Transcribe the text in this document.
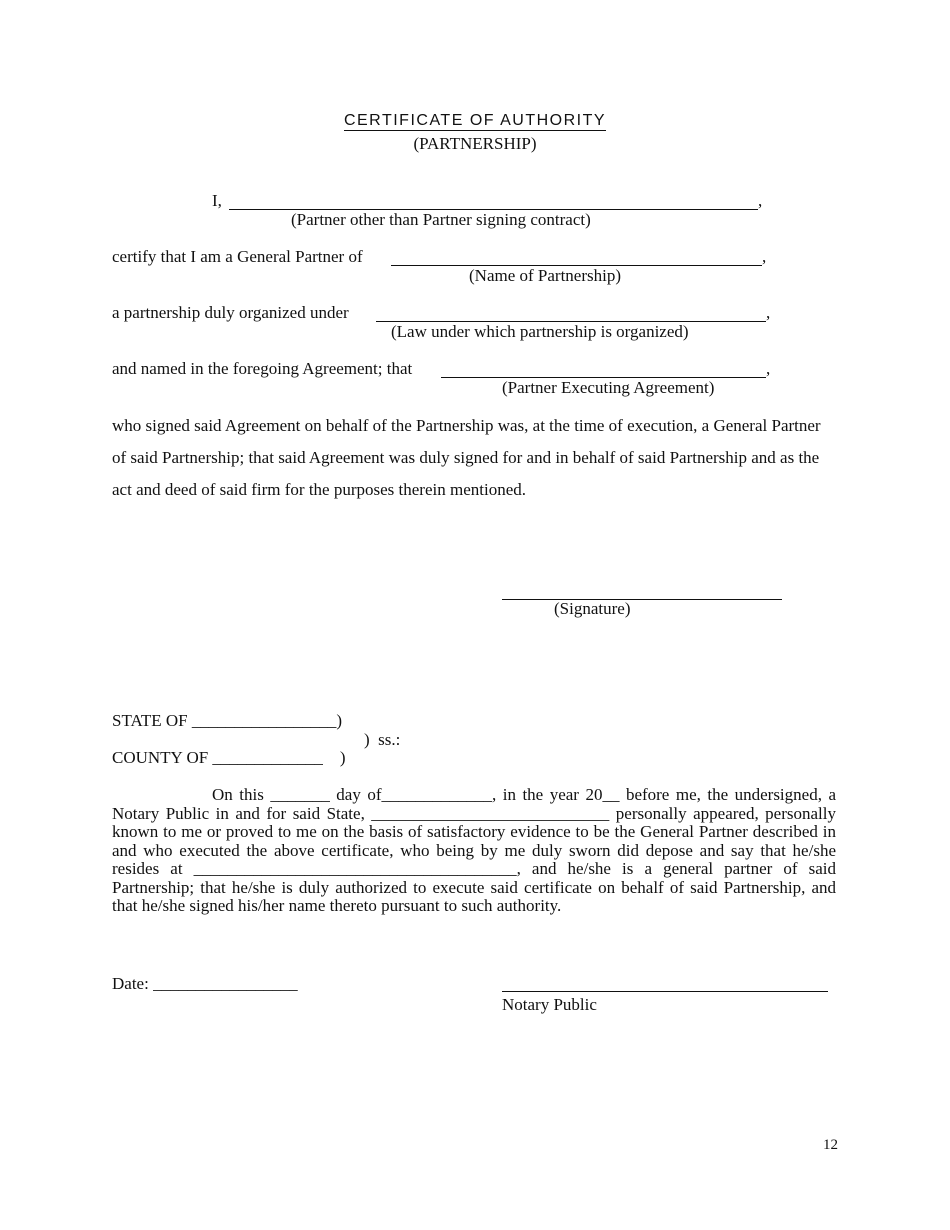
CERTIFICATE OF AUTHORITY
(PARTNERSHIP)
I,	,
(Partner other than Partner signing contract)
certify that I am a General Partner of	,
(Name of Partnership)
a partnership duly organized under	,
(Law under which partnership is organized)
and named in the foregoing Agreement; that	,
(Partner Executing Agreement)
who signed said Agreement on behalf of the Partnership was, at the time of execution, a General Partner of said Partnership; that said Agreement was duly signed for and in behalf of said Partnership and as the act and deed of said firm for the purposes therein mentioned.
(Signature)
STATE OF _________________)
)  ss.:
COUNTY OF _____________    )
On this _______ day of_____________, in the year 20__ before me, the undersigned, a Notary Public in and for said State, ____________________________ personally appeared, personally known to me or proved to me on the basis of satisfactory evidence to be the General Partner described in and who executed the above certificate, who being by me duly sworn did depose and say that he/she resides at ______________________________________, and he/she is a general partner of said Partnership; that he/she is duly authorized to execute said certificate on behalf of said Partnership, and that he/she signed his/her name thereto pursuant to such authority.
Date: _________________
Notary Public
12
